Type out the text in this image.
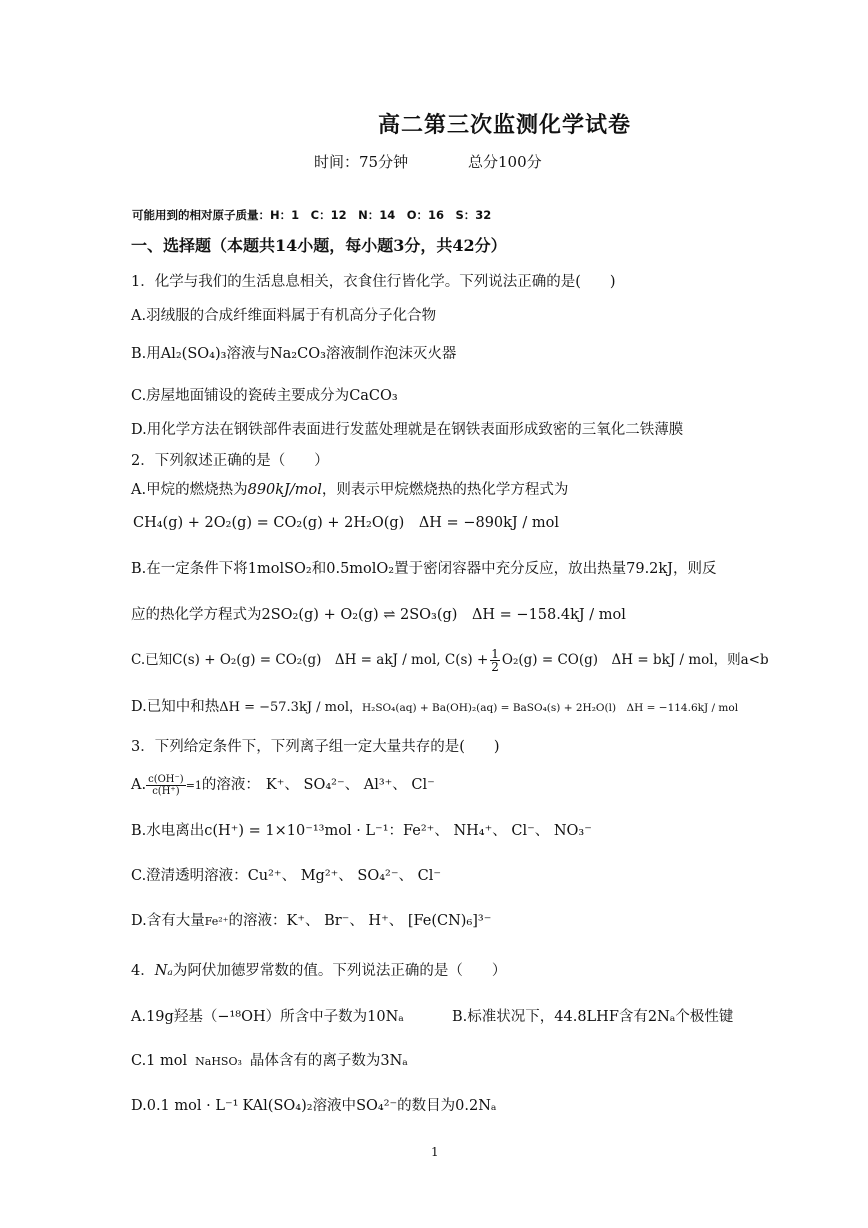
高二第三次监测化学试卷
时间：75分钟	总分100分
可能用到的相对原子质量：H：1　C：12　N：14　O：16　S：32
一、选择题（本题共14小题，每小题3分，共42分）
1．化学与我们的生活息息相关，衣食住行皆化学。下列说法正确的是(　　)
A.羽绒服的合成纤维面料属于有机高分子化合物
B.用Al₂(SO₄)₃溶液与Na₂CO₃溶液制作泡沫灭火器
C.房屋地面铺设的瓷砖主要成分为CaCO₃
D.用化学方法在钢铁部件表面进行发蓝处理就是在钢铁表面形成致密的三氧化二铁薄膜
2．下列叙述正确的是（　　）
A.甲烷的燃烧热为890kJ/mol，则表示甲烷燃烧热的热化学方程式为
CH₄(g) + 2O₂(g) = CO₂(g) + 2H₂O(g)　ΔH = −890kJ / mol
B.在一定条件下将1molSO₂和0.5molO₂置于密闭容器中充分反应，放出热量79.2kJ，则反
应的热化学方程式为2SO₂(g) + O₂(g) ⇌ 2SO₃(g)　ΔH = −158.4kJ / mol
C.已知C(s) + O₂(g) = CO₂(g)　ΔH = akJ / mol, $C(s) + \frac{1}{2} O_2(g) = CO(g)$　ΔH = bkJ / mol，则a<b
D.已知中和热ΔH = −57.3kJ / mol，H₂SO₄(aq) + Ba(OH)₂(aq) = BaSO₄(s) + 2H₂O(l)　ΔH = −114.6kJ / mol
3．下列给定条件下，下列离子组一定大量共存的是(　　)
A. $\frac{c(OH^-)}{c(H^+)} =1$的溶液： K⁺、 SO₄²⁻、 Al³⁺、 Cl⁻
B.水电离出c(H⁺) = 1×10⁻¹³mol · L⁻¹：Fe²⁺、 NH₄⁺、 Cl⁻、 NO₃⁻
C.澄清透明溶液：Cu²⁺、 Mg²⁺、 SO₄²⁻、 Cl⁻
D.含有大量Fe²⁺的溶液：K⁺、 Br⁻、 H⁺、 [Fe(CN)₆]³⁻
4．Nₐ为阿伏加德罗常数的值。下列说法正确的是（　　）
A.19g羟基（−¹⁸OH）所含中子数为10Nₐ	B.标准状况下，44.8LHF含有2Nₐ个极性键
C.1 mol NaHSO₃ 晶体含有的离子数为3Nₐ
D.0.1 mol · L⁻¹ KAl(SO₄)₂溶液中SO₄²⁻的数目为0.2Nₐ
1
